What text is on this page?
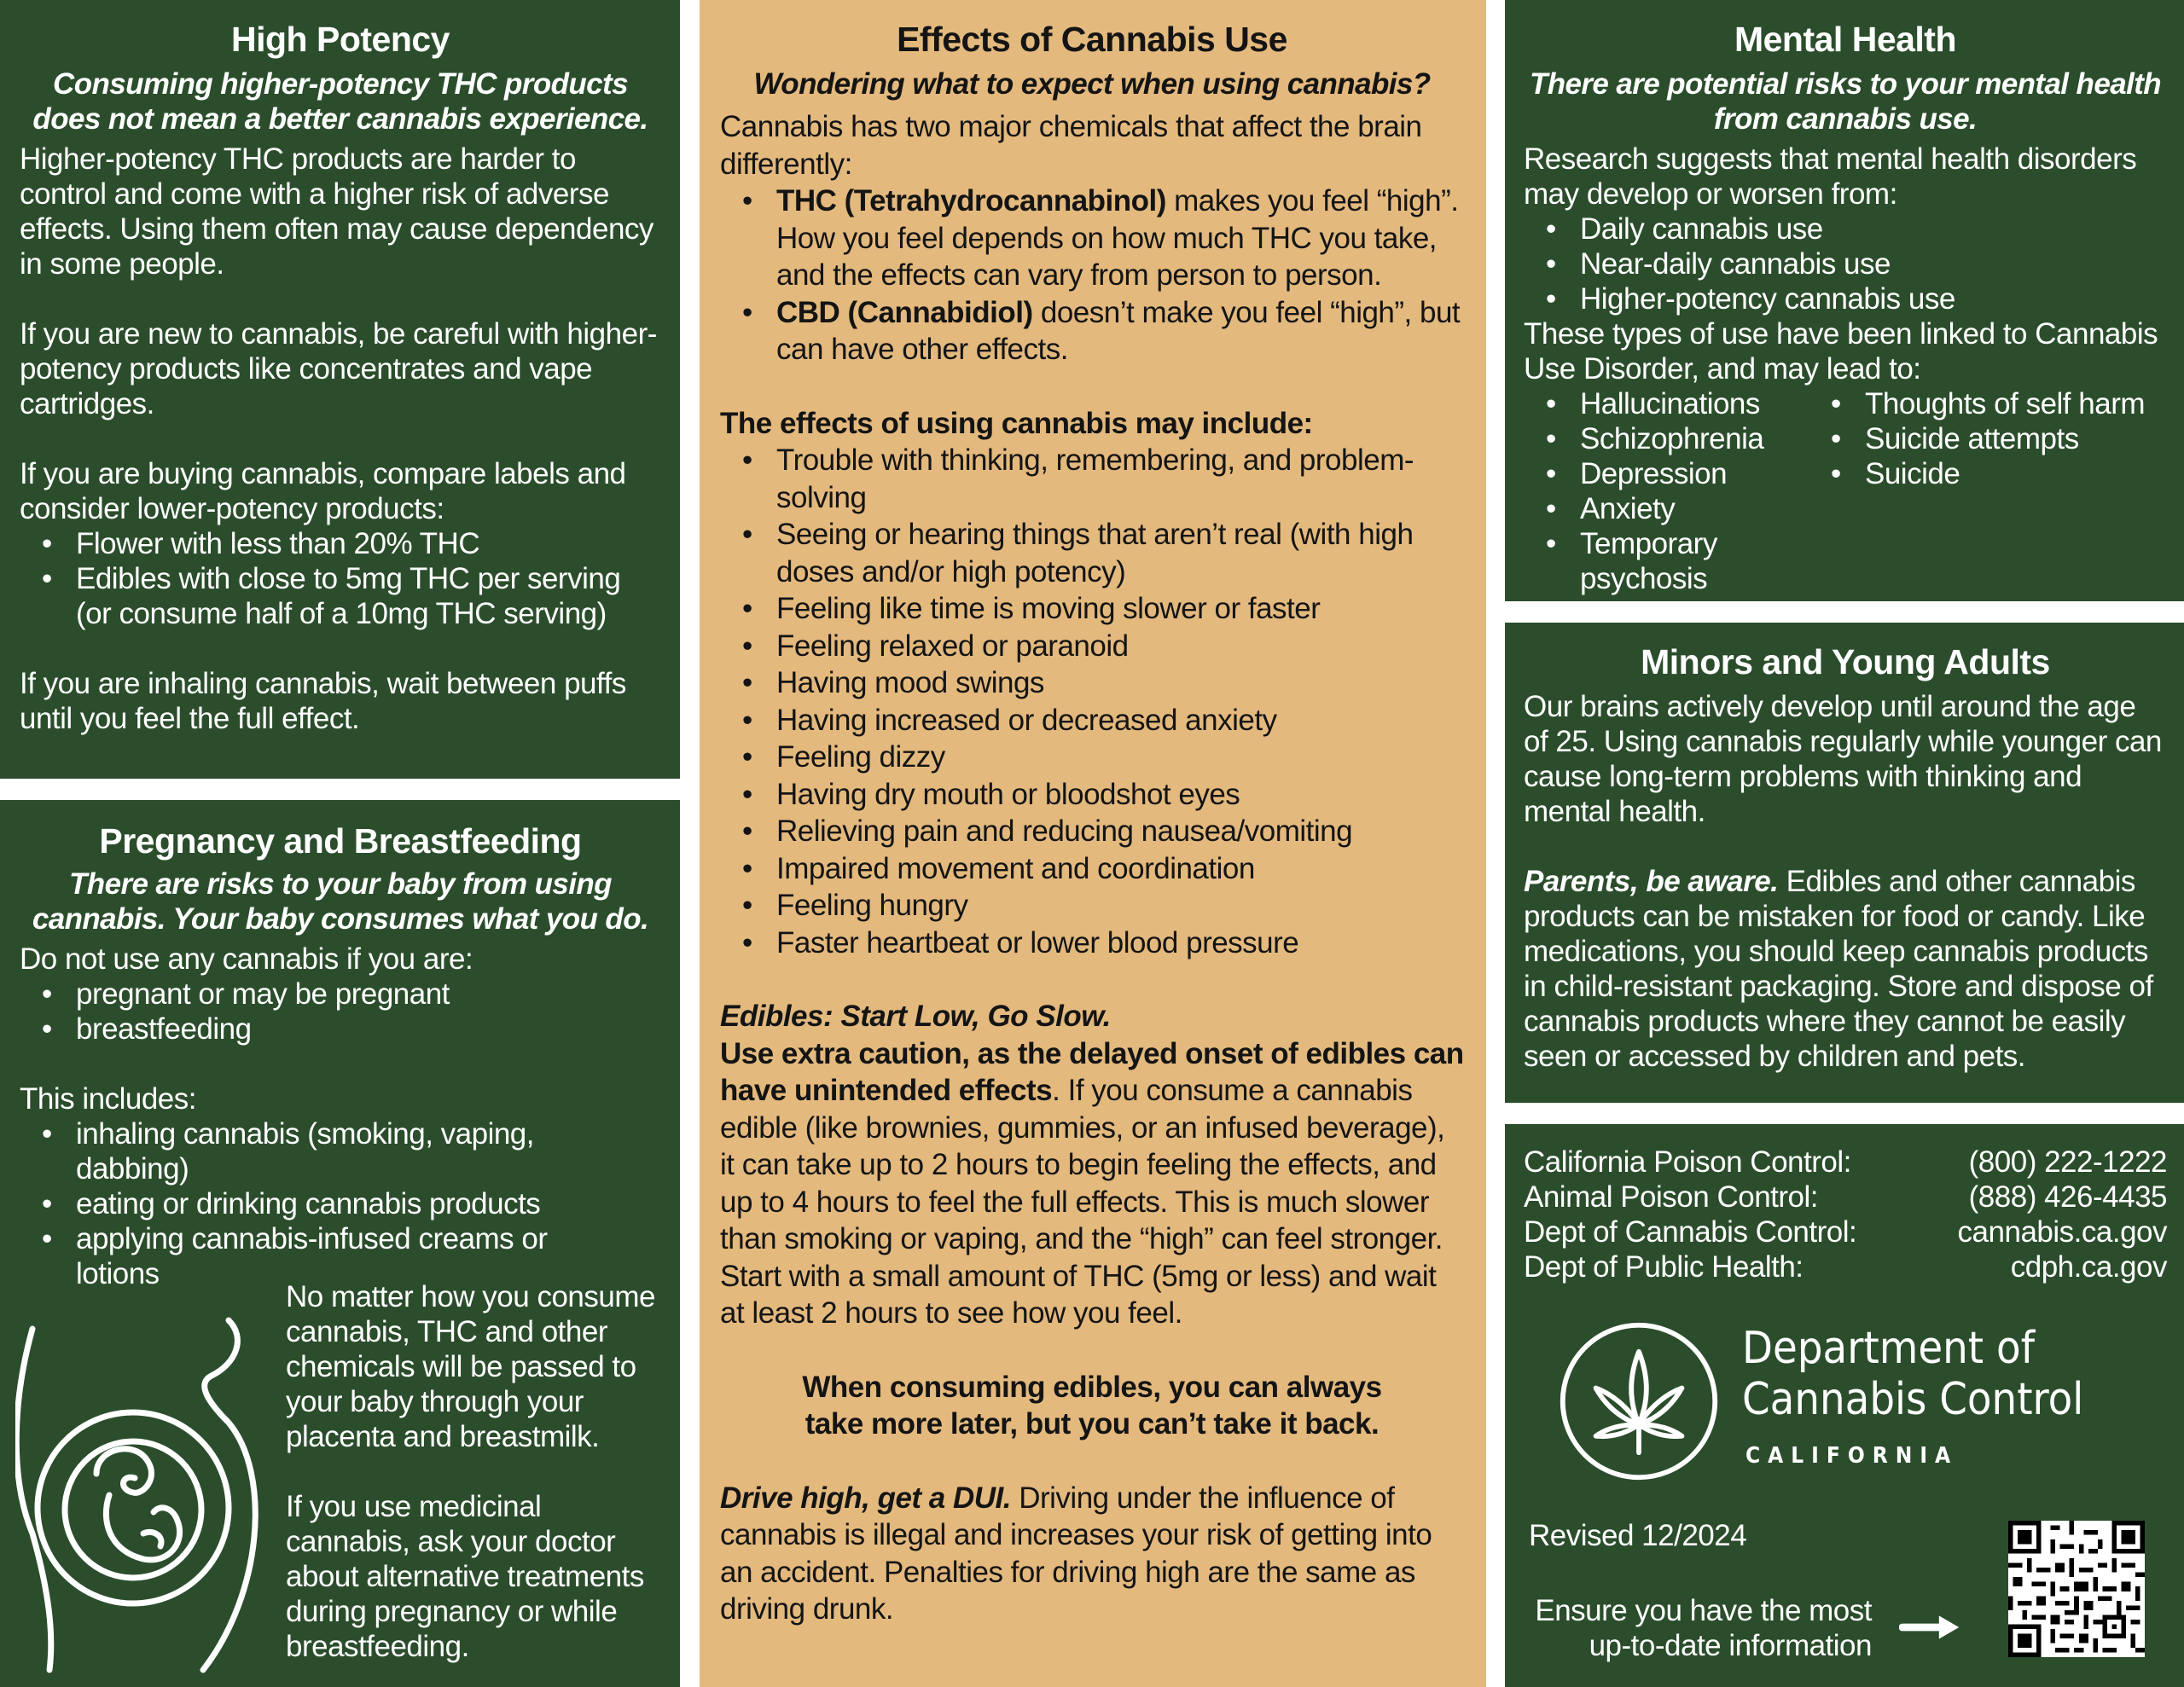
High Potency

Consuming higher-potency THC products does not mean a better cannabis experience.

Higher-potency THC products are harder to control and come with a higher risk of adverse effects. Using them often may cause dependency in some people.

If you are new to cannabis, be careful with higher-potency products like concentrates and vape cartridges.

If you are buying cannabis, compare labels and consider lower-potency products:

• Flower with less than 20% THC
• Edibles with close to 5mg THC per serving (or consume half of a 10mg THC serving)

If you are inhaling cannabis, wait between puffs until you feel the full effect.

Pregnancy and Breastfeeding

There are risks to your baby from using cannabis. Your baby consumes what you do.

Do not use any cannabis if you are:

• pregnant or may be pregnant
• breastfeeding

This includes:

• inhaling cannabis (smoking, vaping, dabbing)
• eating or drinking cannabis products
• applying cannabis-infused creams or lotions

No matter how you consume cannabis, THC and other chemicals will be passed to your baby through your placenta and breastmilk.

If you use medicinal cannabis, ask your doctor about alternative treatments during pregnancy or while breastfeeding.

Effects of Cannabis Use

Wondering what to expect when using cannabis?

Cannabis has two major chemicals that affect the brain differently:

• THC (Tetrahydrocannabinol) makes you feel “high”. How you feel depends on how much THC you take, and the effects can vary from person to person.
• CBD (Cannabidiol) doesn’t make you feel “high”, but can have other effects.

The effects of using cannabis may include:

• Trouble with thinking, remembering, and problem-solving
• Seeing or hearing things that aren’t real (with high doses and/or high potency)
• Feeling like time is moving slower or faster
• Feeling relaxed or paranoid
• Having mood swings
• Having increased or decreased anxiety
• Feeling dizzy
• Having dry mouth or bloodshot eyes
• Relieving pain and reducing nausea/vomiting
• Impaired movement and coordination
• Feeling hungry
• Faster heartbeat or lower blood pressure

Edibles: Start Low, Go Slow.

Use extra caution, as the delayed onset of edibles can have unintended effects. If you consume a cannabis edible (like brownies, gummies, or an infused beverage), it can take up to 2 hours to begin feeling the effects, and up to 4 hours to feel the full effects. This is much slower than smoking or vaping, and the “high” can feel stronger. Start with a small amount of THC (5mg or less) and wait at least 2 hours to see how you feel.

When consuming edibles, you can always

take more later, but you can’t take it back.

Drive high, get a DUI. Driving under the influence of cannabis is illegal and increases your risk of getting into an accident. Penalties for driving high are the same as driving drunk.

Mental Health

There are potential risks to your mental health from cannabis use.

Research suggests that mental health disorders may develop or worsen from:

• Daily cannabis use
• Near-daily cannabis use
• Higher-potency cannabis use

These types of use have been linked to Cannabis Use Disorder, and may lead to:

• Hallucinations
• Schizophrenia
• Depression
• Anxiety
• Temporary psychosis
• Thoughts of self harm
• Suicide attempts
• Suicide
Minors and Young Adults

Our brains actively develop until around the age of 25. Using cannabis regularly while younger can cause long-term problems with thinking and mental health.

Parents, be aware. Edibles and other cannabis products can be mistaken for food or candy. Like medications, you should keep cannabis products in child-resistant packaging. Store and dispose of cannabis products where they cannot be easily seen or accessed by children and pets.

California Poison Control:	(800) 222-1222
Animal Poison Control:	(888) 426-4435
Dept of Cannabis Control:	cannabis.ca.gov
Dept of Public Health:	cdph.ca.gov
Department of
Cannabis Control
CALIFORNIA
Revised 12/2024
Ensure you have the most
up-to-date information
